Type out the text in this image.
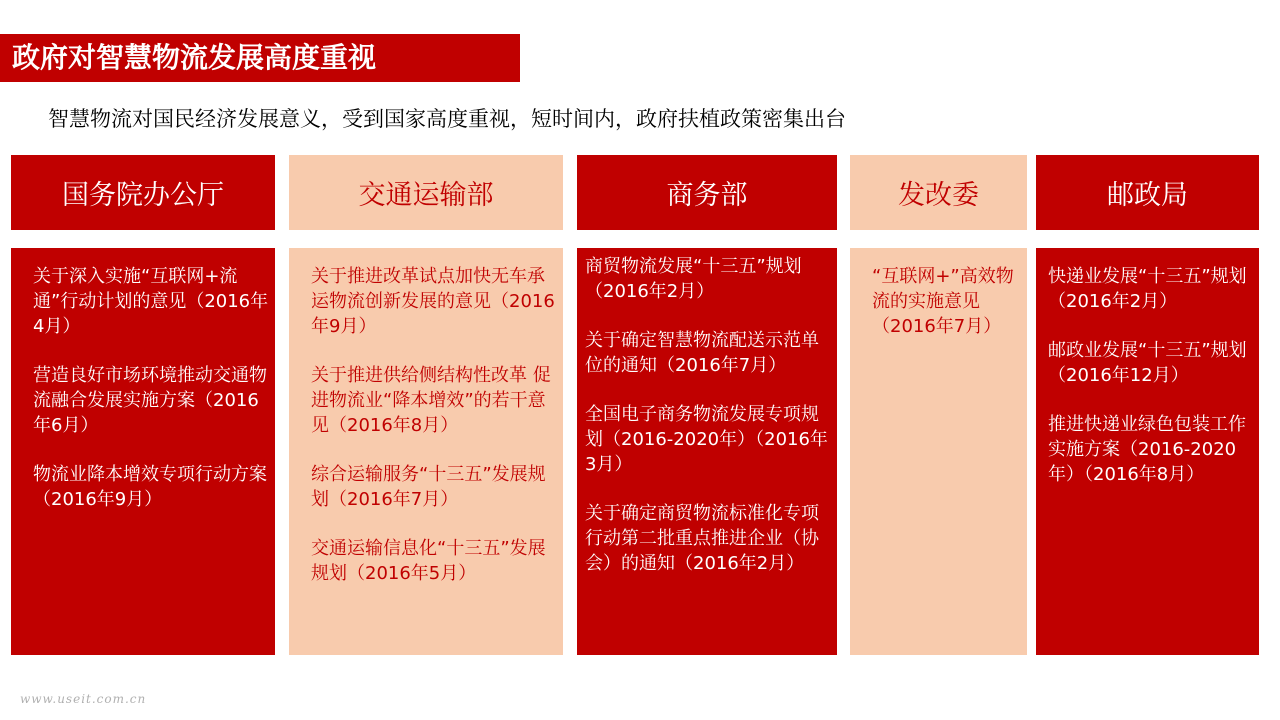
政府对智慧物流发展高度重视
智慧物流对国民经济发展意义，受到国家高度重视，短时间内，政府扶植政策密集出台
国务院办公厅
关于深入实施“互联网+流通”行动计划的意见（2016年4月）
营造良好市场环境推动交通物流融合发展实施方案（2016年6月）
物流业降本增效专项行动方案（2016年9月）
交通运输部
关于推进改革试点加快无车承运物流创新发展的意见（2016年9月）
关于推进供给侧结构性改革 促进物流业“降本增效”的若干意见（2016年8月）
综合运输服务“十三五”发展规划（2016年7月）
交通运输信息化“十三五”发展规划（2016年5月）
商务部
商贸物流发展“十三五”规划（2016年2月）
关于确定智慧物流配送示范单位的通知（2016年7月）
全国电子商务物流发展专项规划（2016-2020年）（2016年3月）
关于确定商贸物流标准化专项行动第二批重点推进企业（协会）的通知（2016年2月）
发改委
“互联网+”高效物流的实施意见（2016年7月）
邮政局
快递业发展“十三五”规划（2016年2月）
邮政业发展“十三五”规划（2016年12月）
推进快递业绿色包装工作实施方案（2016-2020年）（2016年8月）
www.useit.com.cn
